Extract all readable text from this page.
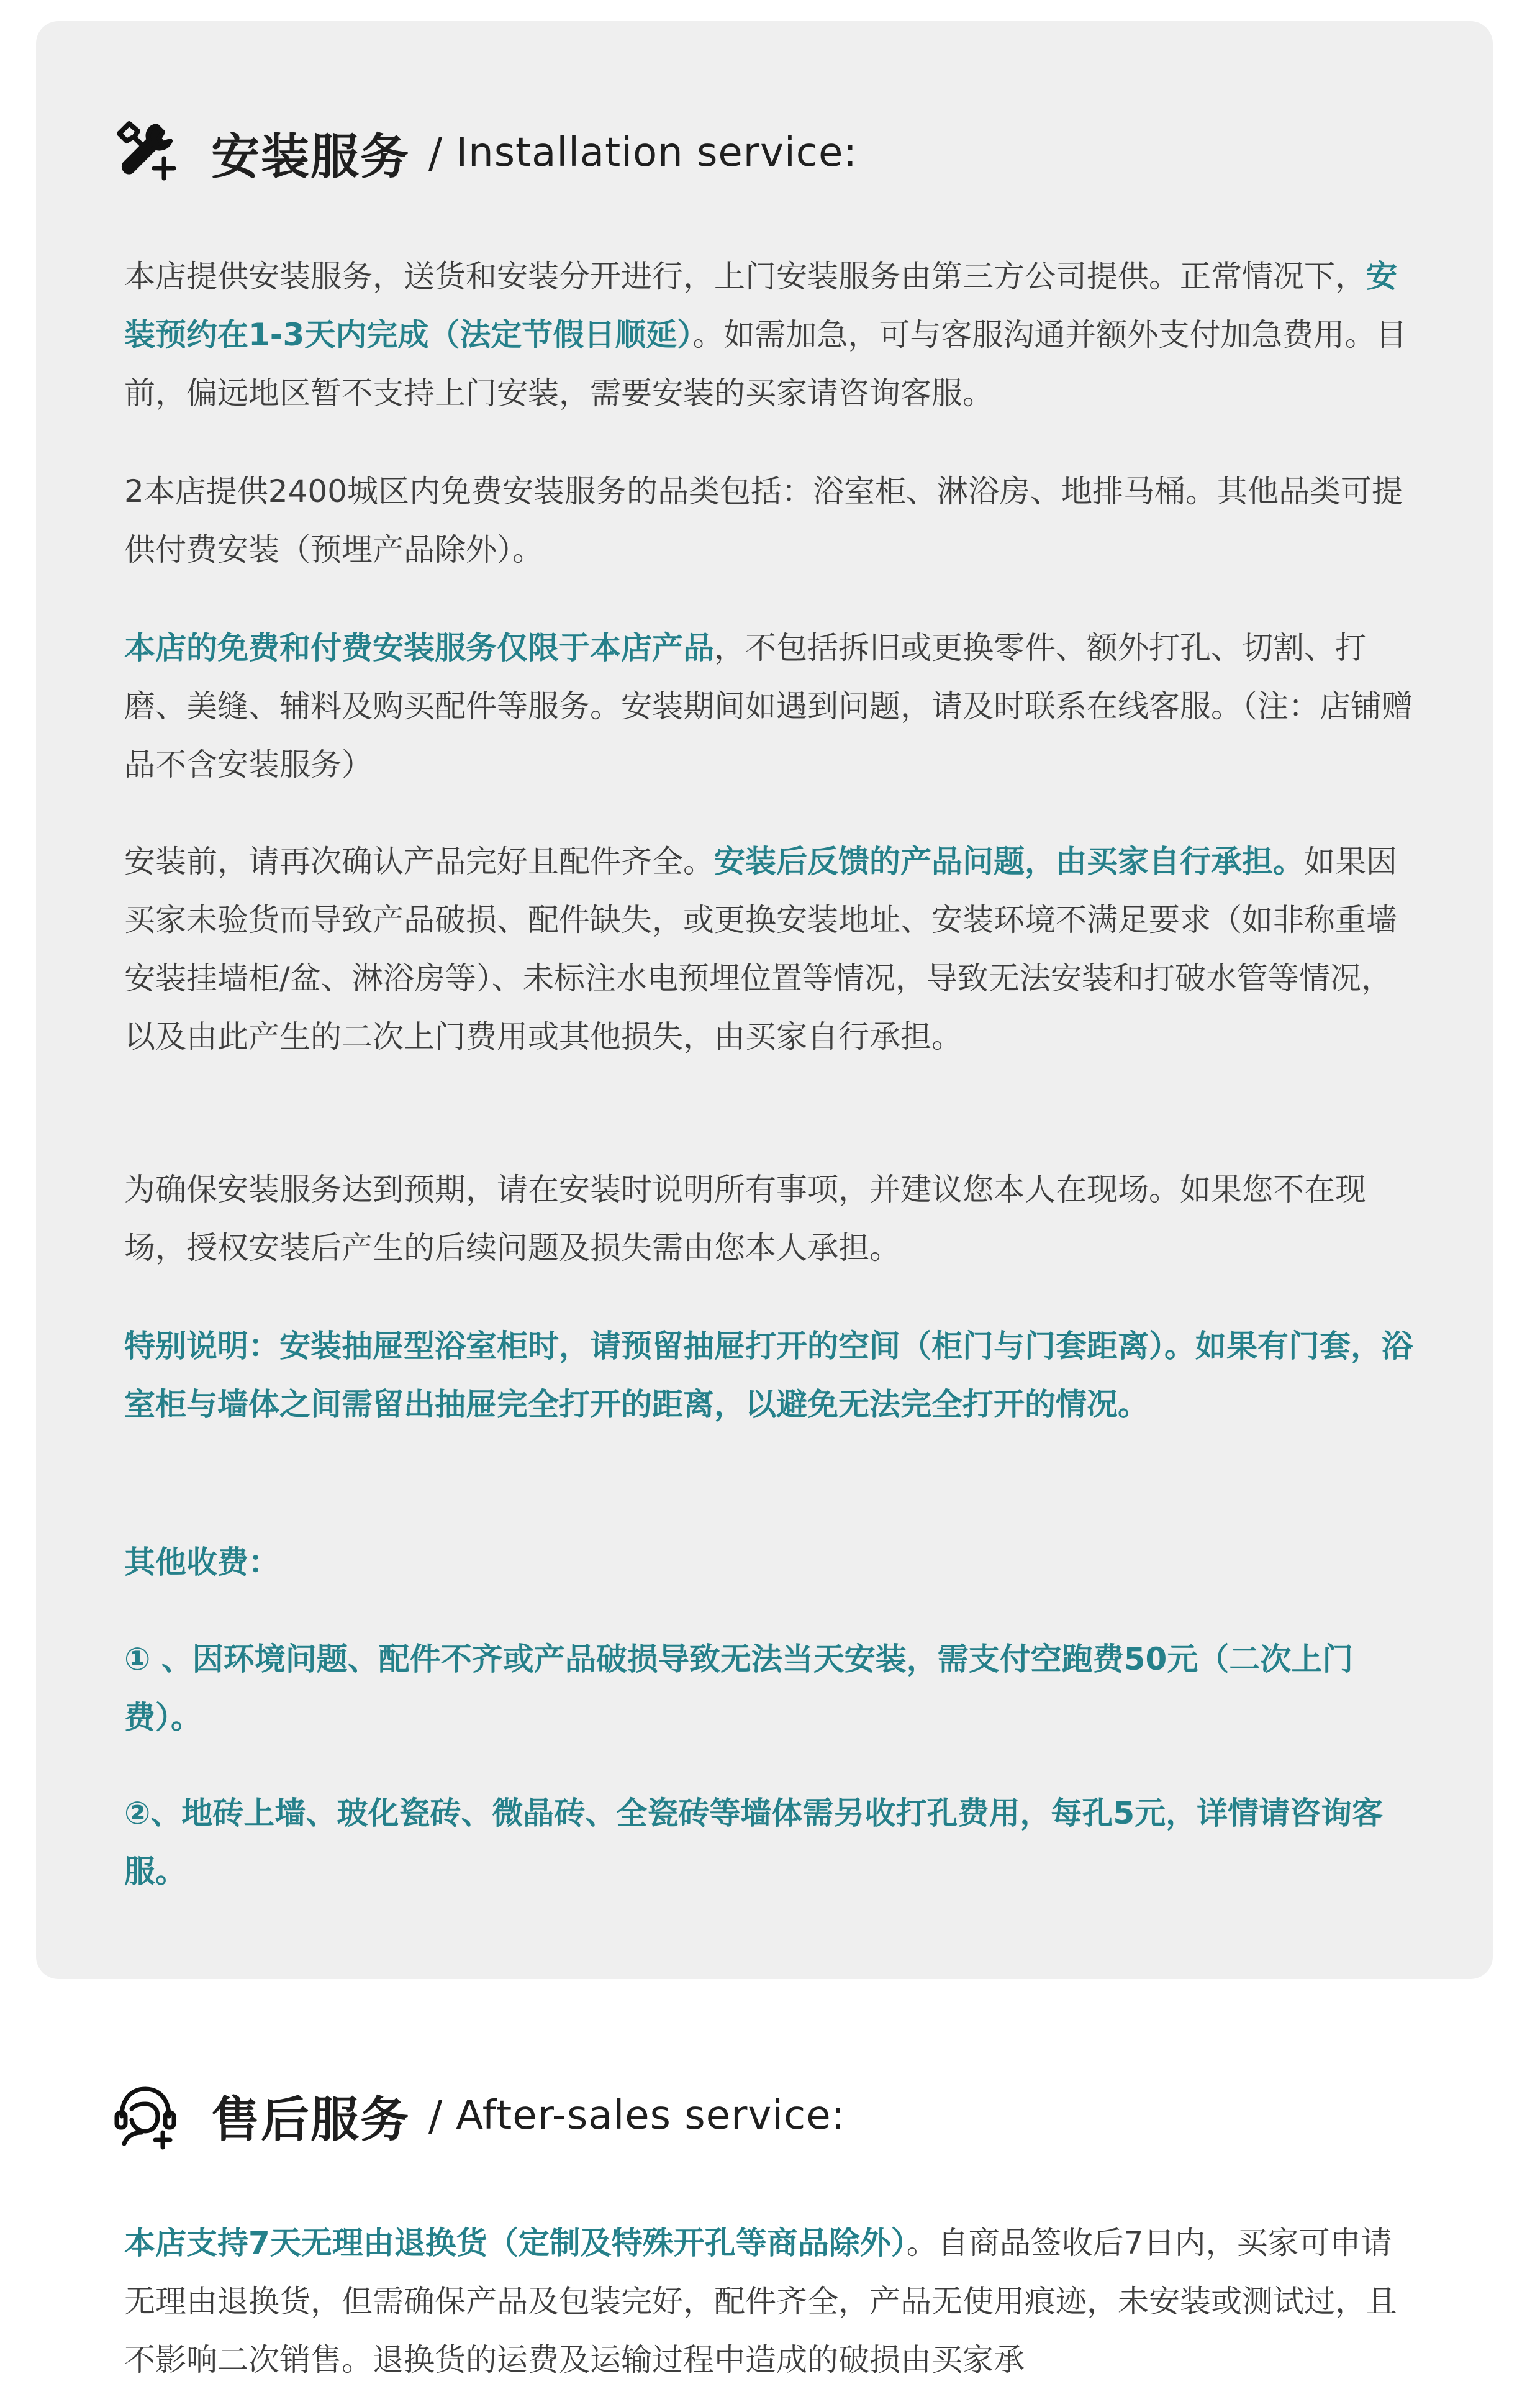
安装服务 / Installation service :

本店提供安装服务，送货和安装分开进行，上门安装服务由第三方公司提供。正常情况下，安装预约在1-3天内完成（法定节假日顺延）。如需加急，可与客服沟通并额外支付加急费用。目前，偏远地区暂不支持上门安装，需要安装的买家请咨询客服。

2本店提供2400城区内免费安装服务的品类包括：浴室柜、淋浴房、地排马桶。其他品类可提供付费安装（预埋产品除外）。

本店的免费和付费安装服务仅限于本店产品，不包括拆旧或更换零件、额外打孔、切割、打磨、美缝、辅料及购买配件等服务。安装期间如遇到问题，请及时联系在线客服。（注：店铺赠品不含安装服务）

安装前，请再次确认产品完好且配件齐全。安装后反馈的产品问题，由买家自行承担。如果因买家未验货而导致产品破损、配件缺失，或更换安装地址、安装环境不满足要求（如非称重墙安装挂墙柜/盆、淋浴房等）、未标注水电预埋位置等情况，导致无法安装和打破水管等情况，以及由此产生的二次上门费用或其他损失，由买家自行承担。

为确保安装服务达到预期，请在安装时说明所有事项，并建议您本人在现场。如果您不在现场，授权安装后产生的后续问题及损失需由您本人承担。

特别说明：安装抽屉型浴室柜时，请预留抽屉打开的空间（柜门与门套距离）。如果有门套，浴室柜与墙体之间需留出抽屉完全打开的距离，以避免无法完全打开的情况。

其他收费：

① 、因环境问题、配件不齐或产品破损导致无法当天安装，需支付空跑费50元（二次上门费）。

②、地砖上墙、玻化瓷砖、微晶砖、全瓷砖等墙体需另收打孔费用，每孔5元，详情请咨询客服。

售后服务 / After-sales service :

本店支持7天无理由退换货（定制及特殊开孔等商品除外）。自商品签收后7日内，买家可申请无理由退换货，但需确保产品及包装完好，配件齐全，产品无使用痕迹，未安装或测试过，且不影响二次销售。退换货的运费及运输过程中造成的破损由买家承
